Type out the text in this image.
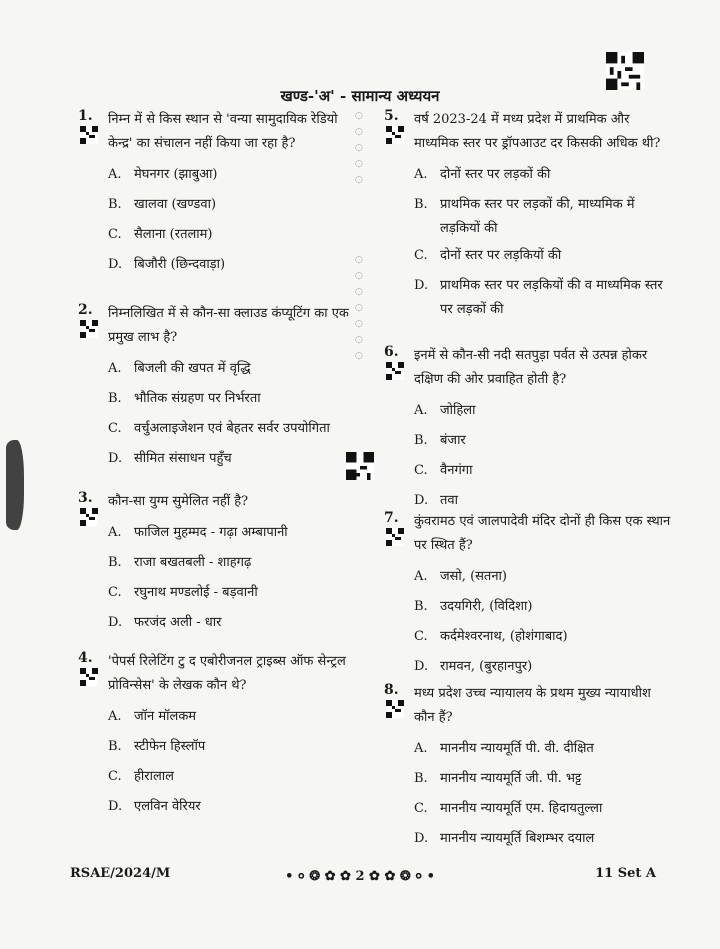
खण्ड-'अ' - सामान्य अध्ययन
◌
◌
◌
◌
◌

◌
◌
◌
◌
◌
◌
◌
1. निम्न में से किस स्थान से 'वन्या सामुदायिक रेडियो केन्द्र' का संचालन नहीं किया जा रहा है?
A. मेघनगर (झाबुआ)
B. खालवा (खण्डवा)
C. सैलाना (रतलाम)
D. बिजौरी (छिन्दवाड़ा)
2. निम्नलिखित में से कौन-सा क्लाउड कंप्यूटिंग का एक प्रमुख लाभ है?
A. बिजली की खपत में वृद्धि
B. भौतिक संग्रहण पर निर्भरता
C. वर्चुअलाइजेशन एवं बेहतर सर्वर उपयोगिता
D. सीमित संसाधन पहुँच
3. कौन-सा युग्म सुमेलित नहीं है?
A. फाजिल मुहम्मद - गढ़ा अम्बापानी
B. राजा बखतबली - शाहगढ़
C. रघुनाथ मण्डलोई - बड़वानी
D. फरजंद अली - धार
4. 'पेपर्स रिलेटिंग टु द एबोरीजनल ट्राइब्स ऑफ सेन्ट्रल प्रोविन्सेस' के लेखक कौन थे?
A. जॉन मॉलकम
B. स्टीफेन हिस्लॉप
C. हीरालाल
D. एलविन वेरियर
5. वर्ष 2023-24 में मध्य प्रदेश में प्राथमिक और माध्यमिक स्तर पर ड्रॉपआउट दर किसकी अधिक थी?
A. दोनों स्तर पर लड़कों की
B. प्राथमिक स्तर पर लड़कों की, माध्यमिक में लड़कियों की
C. दोनों स्तर पर लड़कियों की
D. प्राथमिक स्तर पर लड़कियों की व माध्यमिक स्तर पर लड़कों की
6. इनमें से कौन-सी नदी सतपुड़ा पर्वत से उत्पन्न होकर दक्षिण की ओर प्रवाहित होती है?
A. जोहिला
B. बंजार
C. वैनगंगा
D. तवा
7. कुंवरामठ एवं जालपादेवी मंदिर दोनों ही किस एक स्थान पर स्थित हैं?
A. जसो, (सतना)
B. उदयगिरी, (विदिशा)
C. कर्दमेश्वरनाथ, (होशंगाबाद)
D. रामवन, (बुरहानपुर)
8. मध्य प्रदेश उच्च न्यायालय के प्रथम मुख्य न्यायाधीश कौन हैं?
A. माननीय न्यायमूर्ति पी. वी. दीक्षित
B. माननीय न्यायमूर्ति जी. पी. भट्ट
C. माननीय न्यायमूर्ति एम. हिदायतुल्ला
D. माननीय न्यायमूर्ति बिशम्भर दयाल
RSAE/2024/M	• ० ❂ ✿ ✿ 2 ✿ ✿ ❂ ० •	11 Set A
